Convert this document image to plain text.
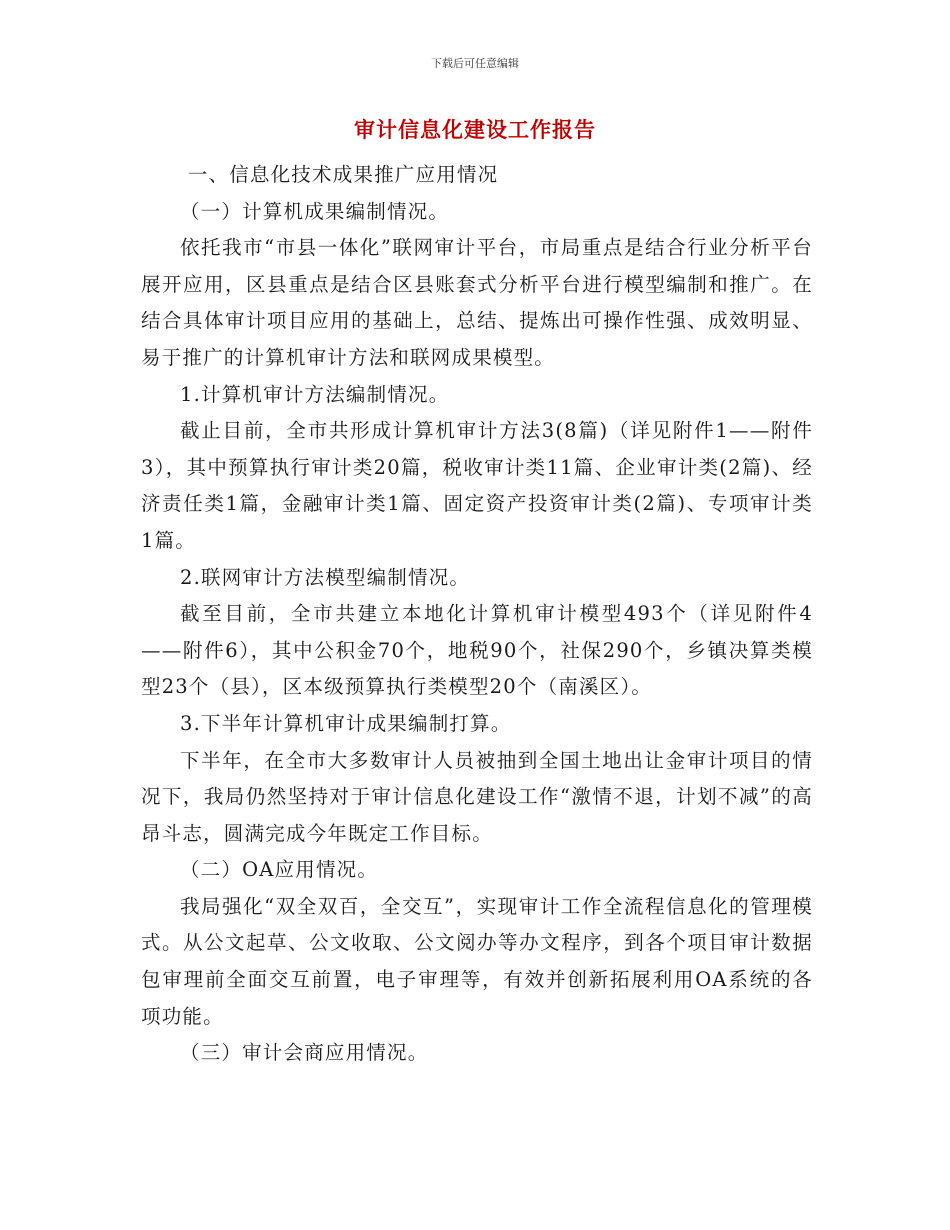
下载后可任意编辑
审计信息化建设工作报告

一、信息化技术成果推广应用情况

（一）计算机成果编制情况。

依托我市“市县一体化”联网审计平台，市局重点是结合行业分析平台展开应用，区县重点是结合区县账套式分析平台进行模型编制和推广。在结合具体审计项目应用的基础上，总结、提炼出可操作性强、成效明显、易于推广的计算机审计方法和联网成果模型。

1.计算机审计方法编制情况。

截止目前，全市共形成计算机审计方法3(8篇)（详见附件1——附件3），其中预算执行审计类20篇，税收审计类11篇、企业审计类(2篇)、经济责任类1篇，金融审计类1篇、固定资产投资审计类(2篇)、专项审计类1篇。

2.联网审计方法模型编制情况。

截至目前，全市共建立本地化计算机审计模型493个（详见附件4——附件6），其中公积金70个，地税90个，社保290个，乡镇决算类模型23个（县），区本级预算执行类模型20个（南溪区）。

3.下半年计算机审计成果编制打算。

下半年，在全市大多数审计人员被抽到全国土地出让金审计项目的情况下，我局仍然坚持对于审计信息化建设工作“激情不退，计划不减”的高昂斗志，圆满完成今年既定工作目标。

（二）OA应用情况。

我局强化“双全双百，全交互”，实现审计工作全流程信息化的管理模式。从公文起草、公文收取、公文阅办等办文程序，到各个项目审计数据包审理前全面交互前置，电子审理等，有效并创新拓展利用OA系统的各项功能。

（三）审计会商应用情况。
